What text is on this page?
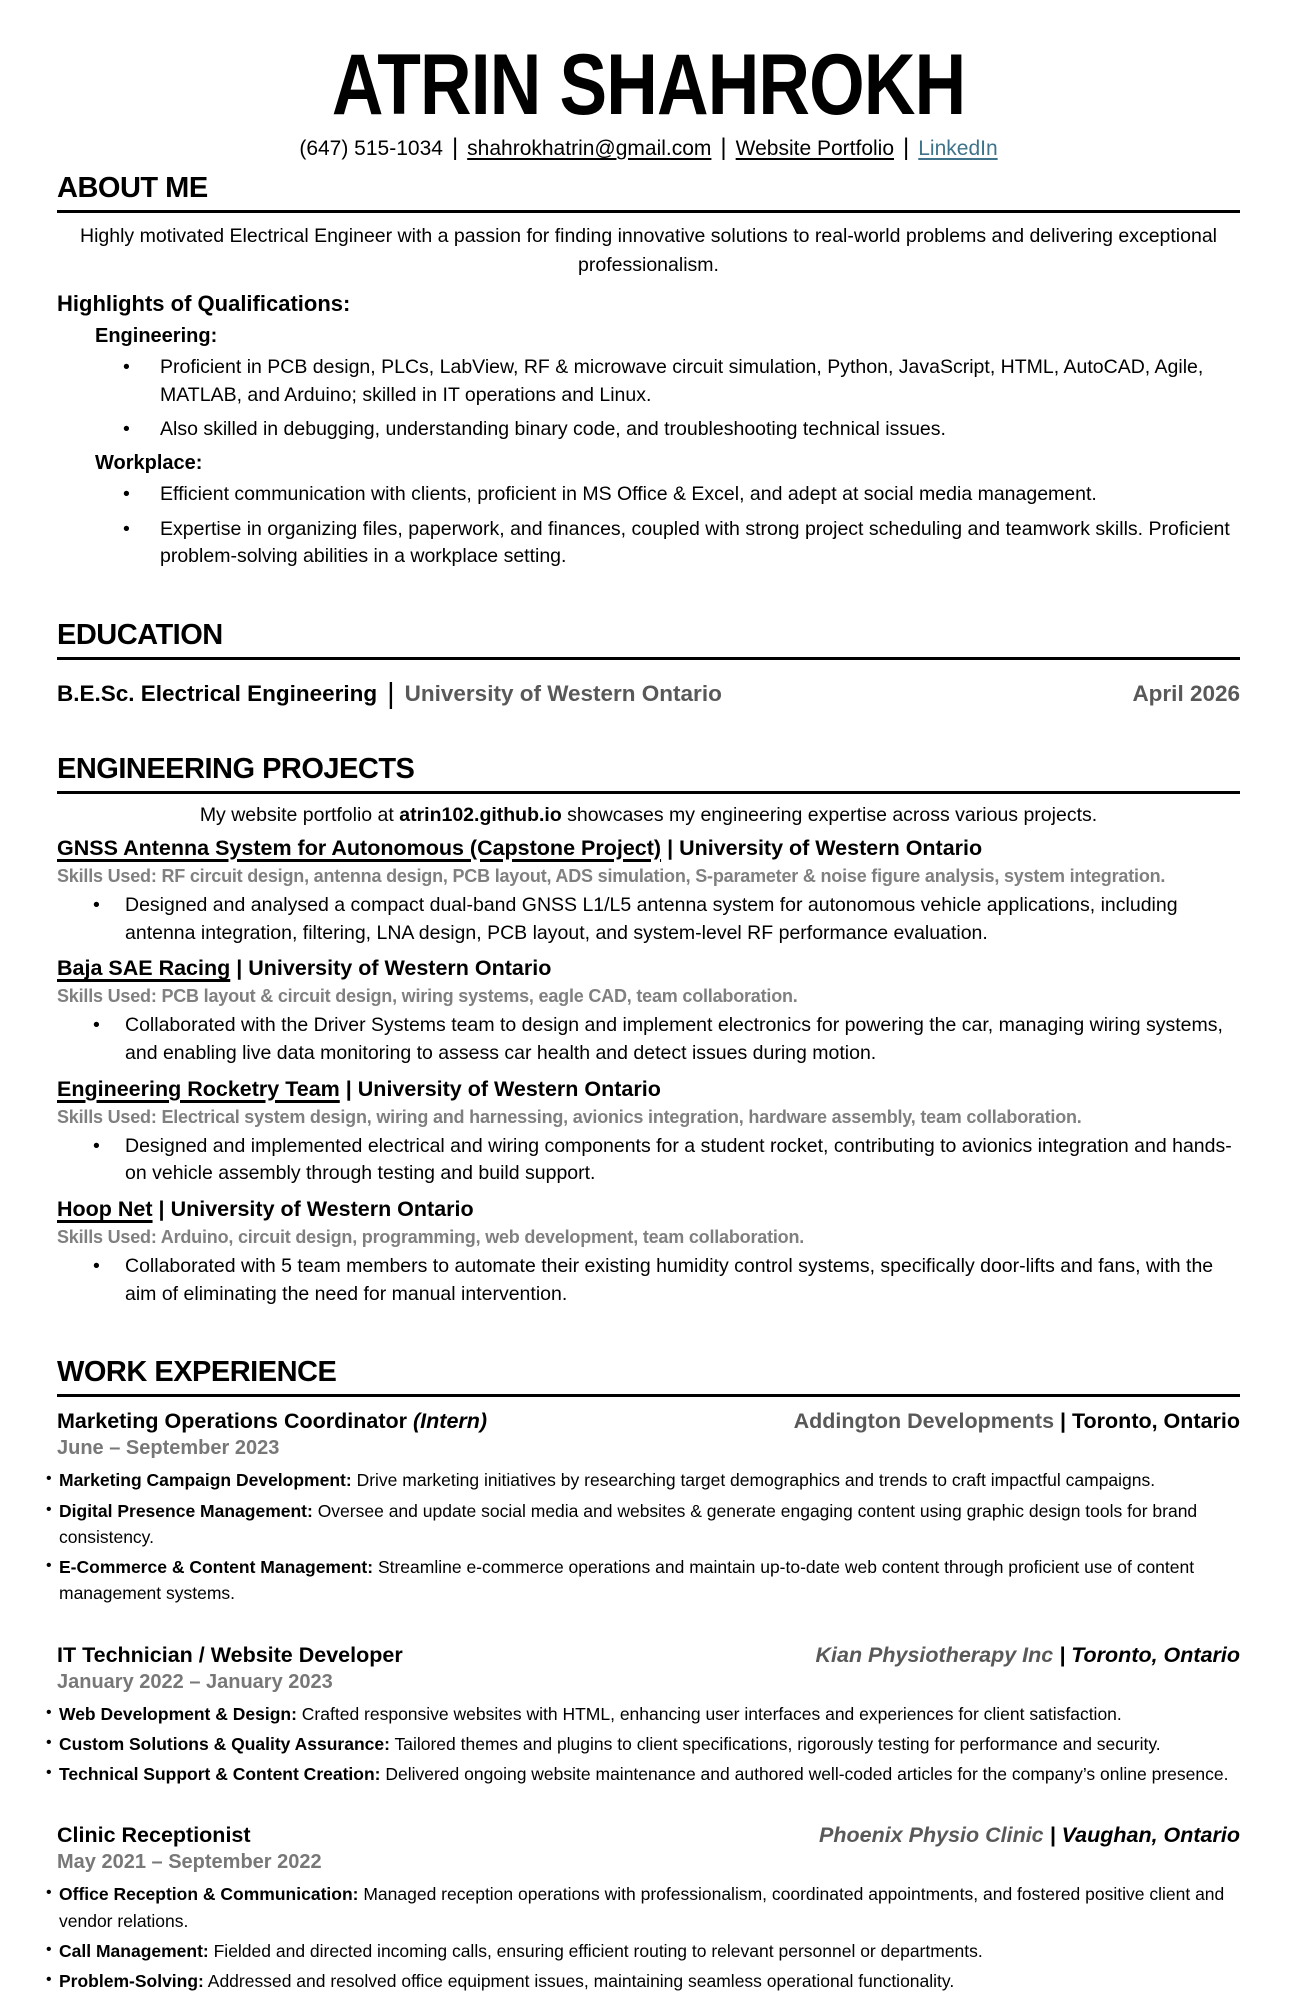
ATRIN SHAHROKH
(647) 515-1034 | shahrokhatrin@gmail.com | Website Portfolio | LinkedIn
ABOUT ME
Highly motivated Electrical Engineer with a passion for finding innovative solutions to real-world problems and delivering exceptional professionalism.
Highlights of Qualifications:
Engineering:
• Proficient in PCB design, PLCs, LabView, RF & microwave circuit simulation, Python, JavaScript, HTML, AutoCAD, Agile, MATLAB, and Arduino; skilled in IT operations and Linux.
• Also skilled in debugging, understanding binary code, and troubleshooting technical issues.
Workplace:
• Efficient communication with clients, proficient in MS Office & Excel, and adept at social media management.
• Expertise in organizing files, paperwork, and finances, coupled with strong project scheduling and teamwork skills. Proficient problem-solving abilities in a workplace setting.
EDUCATION
B.E.Sc. Electrical Engineering | University of Western Ontario	April 2026
ENGINEERING PROJECTS
My website portfolio at atrin102.github.io showcases my engineering expertise across various projects.
GNSS Antenna System for Autonomous (Capstone Project) | University of Western Ontario
Skills Used: RF circuit design, antenna design, PCB layout, ADS simulation, S-parameter & noise figure analysis, system integration.
• Designed and analysed a compact dual-band GNSS L1/L5 antenna system for autonomous vehicle applications, including antenna integration, filtering, LNA design, PCB layout, and system-level RF performance evaluation.
Baja SAE Racing | University of Western Ontario
Skills Used: PCB layout & circuit design, wiring systems, eagle CAD, team collaboration.
• Collaborated with the Driver Systems team to design and implement electronics for powering the car, managing wiring systems, and enabling live data monitoring to assess car health and detect issues during motion.
Engineering Rocketry Team | University of Western Ontario
Skills Used: Electrical system design, wiring and harnessing, avionics integration, hardware assembly, team collaboration.
• Designed and implemented electrical and wiring components for a student rocket, contributing to avionics integration and hands-on vehicle assembly through testing and build support.
Hoop Net | University of Western Ontario
Skills Used: Arduino, circuit design, programming, web development, team collaboration.
• Collaborated with 5 team members to automate their existing humidity control systems, specifically door-lifts and fans, with the aim of eliminating the need for manual intervention.
WORK EXPERIENCE
Marketing Operations Coordinator (Intern)	Addington Developments | Toronto, Ontario
June – September 2023
• Marketing Campaign Development: Drive marketing initiatives by researching target demographics and trends to craft impactful campaigns.
• Digital Presence Management: Oversee and update social media and websites & generate engaging content using graphic design tools for brand consistency.
• E-Commerce & Content Management: Streamline e-commerce operations and maintain up-to-date web content through proficient use of content management systems.
IT Technician / Website Developer	Kian Physiotherapy Inc | Toronto, Ontario
January 2022 – January 2023
• Web Development & Design: Crafted responsive websites with HTML, enhancing user interfaces and experiences for client satisfaction.
• Custom Solutions & Quality Assurance: Tailored themes and plugins to client specifications, rigorously testing for performance and security.
• Technical Support & Content Creation: Delivered ongoing website maintenance and authored well-coded articles for the company’s online presence.
Clinic Receptionist	Phoenix Physio Clinic | Vaughan, Ontario
May 2021 – September 2022
• Office Reception & Communication: Managed reception operations with professionalism, coordinated appointments, and fostered positive client and vendor relations.
• Call Management: Fielded and directed incoming calls, ensuring efficient routing to relevant personnel or departments.
• Problem-Solving: Addressed and resolved office equipment issues, maintaining seamless operational functionality.
